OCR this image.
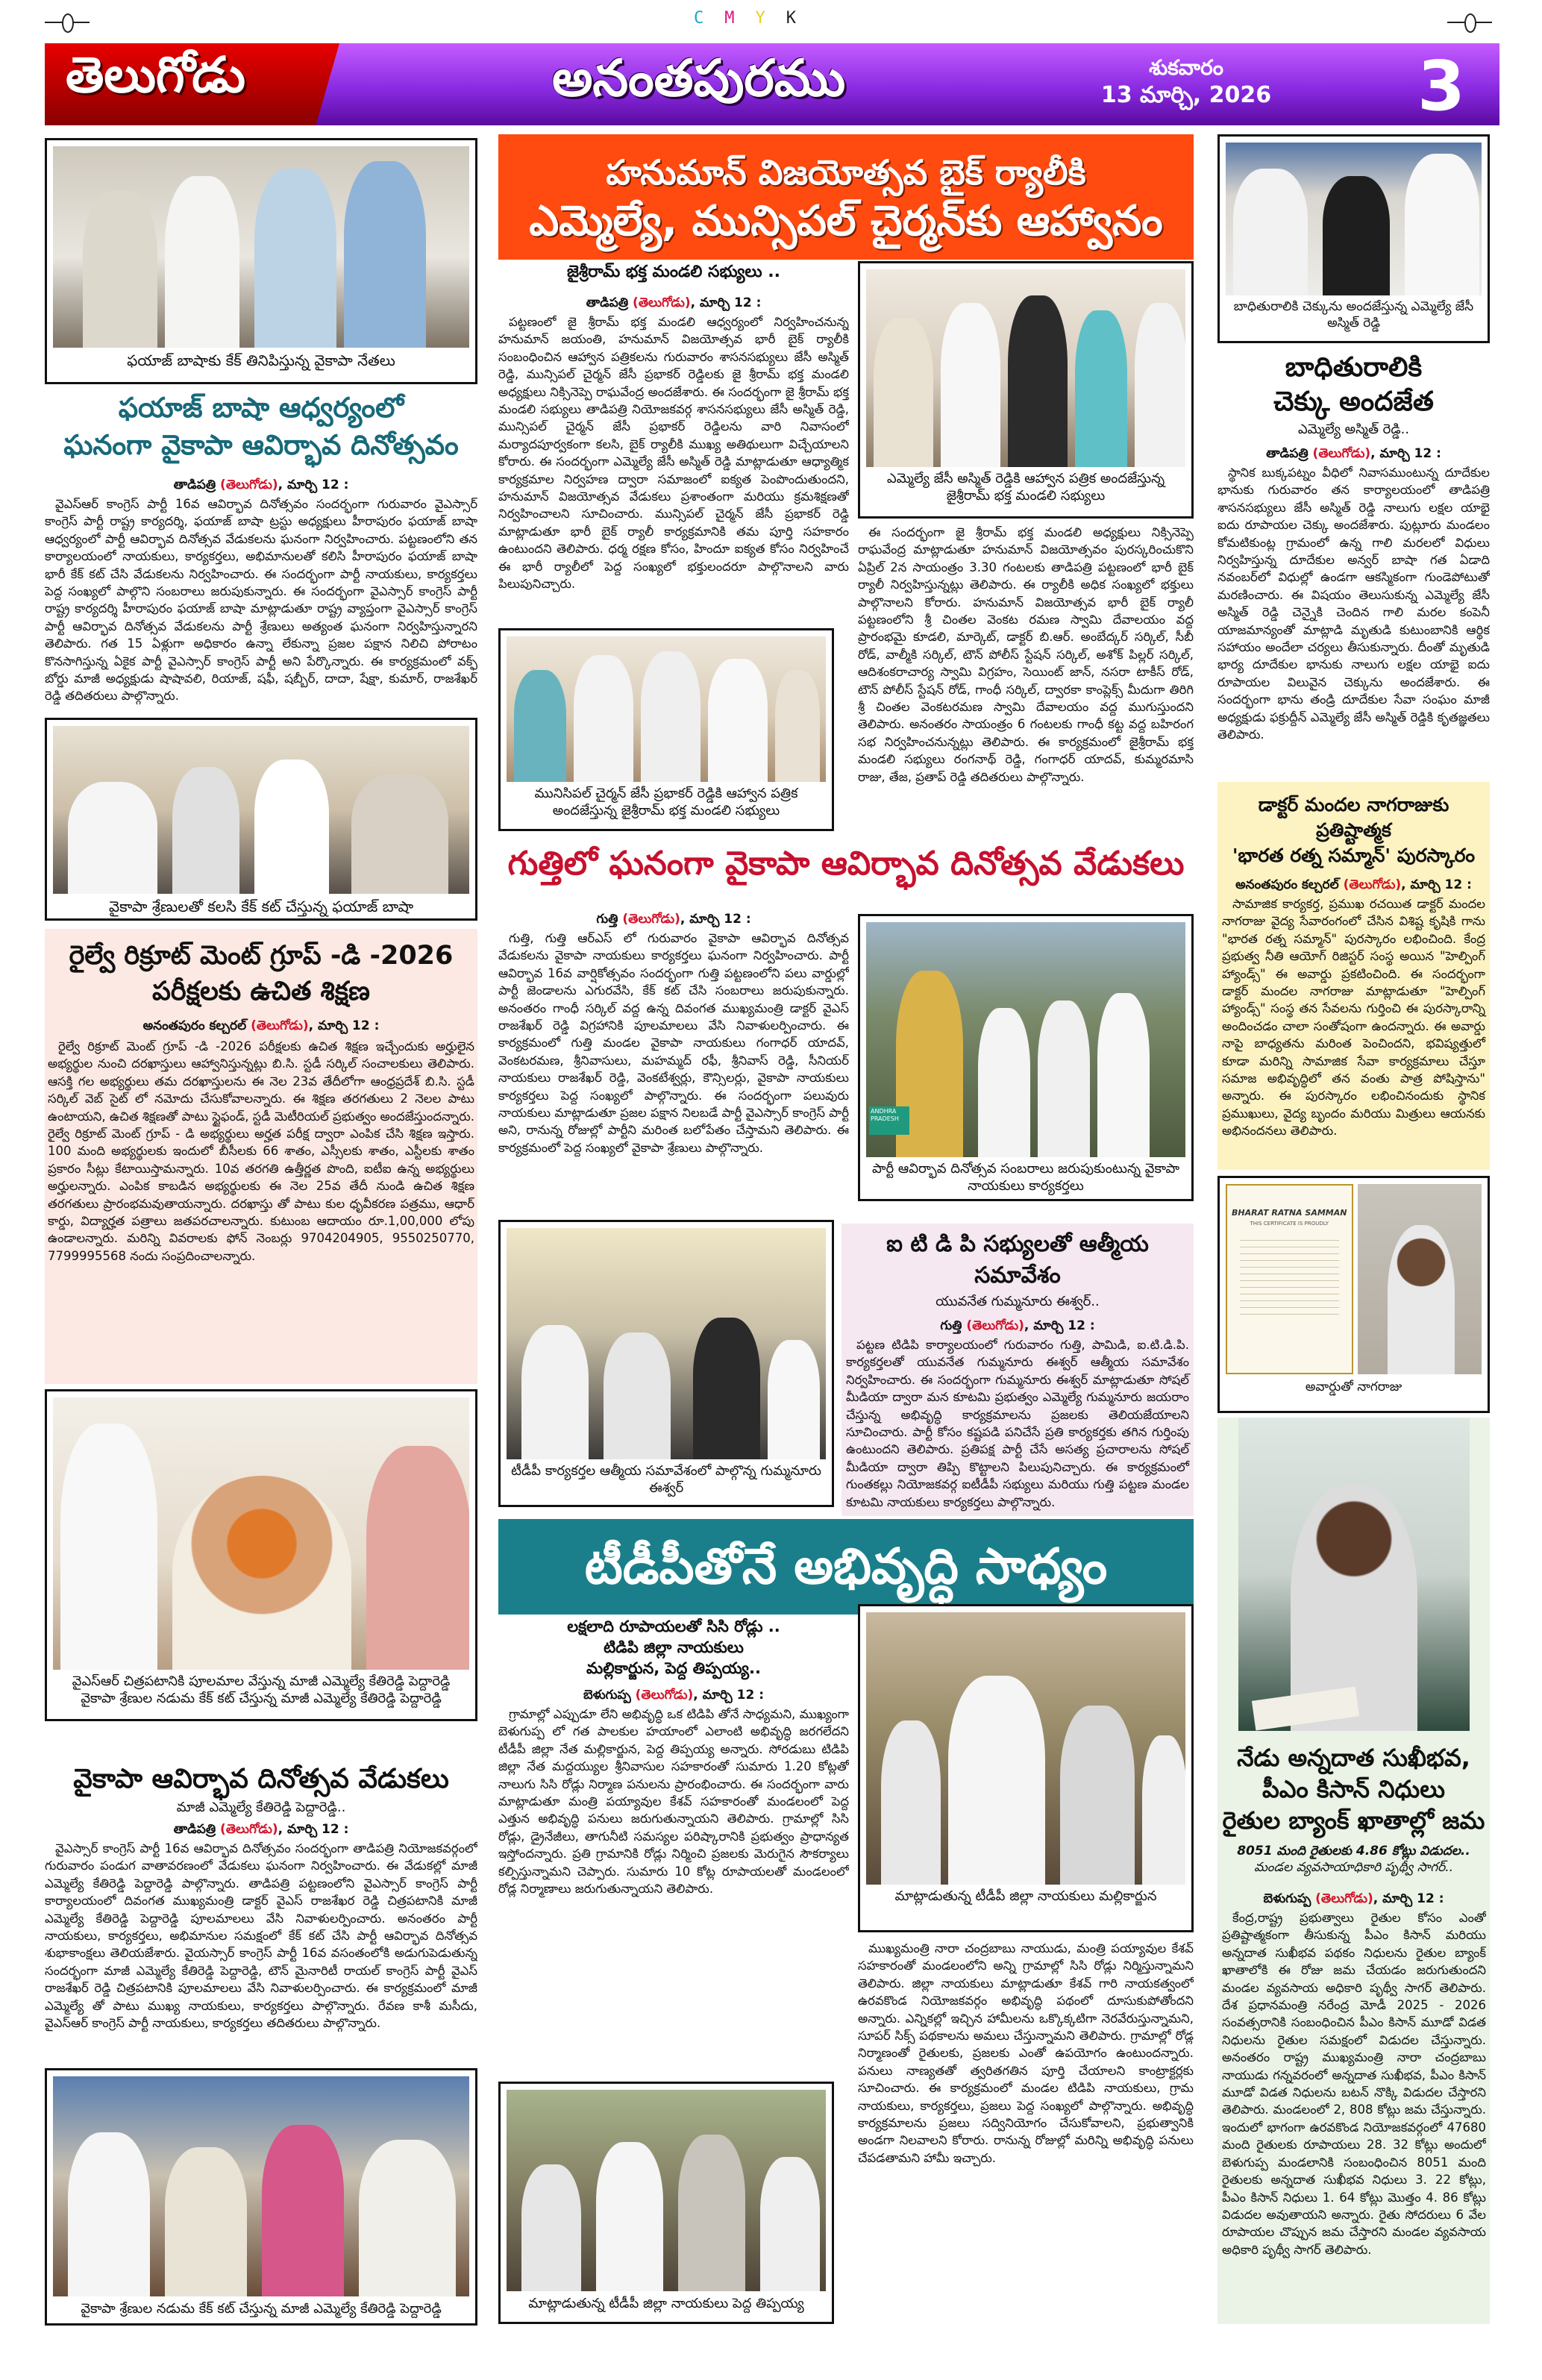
CMYK
తెలుగోడు	అనంతపురము	శుకవారం
13 మార్చి, 2026 3
ఫయాజ్ బాషాకు కేక్ తినిపిస్తున్న వైకాపా నేతలు
ఫయాజ్ బాషా ఆధ్వర్యంలో
ఘనంగా వైకాపా ఆవిర్భావ దినోత్సవం
తాడిపత్రి (తెలుగోడు), మార్చి 12 :
వైఎస్ఆర్ కాంగ్రెస్ పార్టీ 16వ ఆవిర్భావ దినోత్సవం సందర్భంగా గురువారం వైఎస్సార్ కాంగ్రెస్ పార్టీ రాష్ట్ర కార్యదర్శి, ఫయాజ్ బాషా ట్రస్టు అధ్యక్షులు హీరాపురం ఫయాజ్ బాషా ఆధ్వర్యంలో పార్టీ ఆవిర్భావ దినోత్సవ వేడుకలను ఘనంగా నిర్వహించారు. పట్టణంలోని తన కార్యాలయంలో నాయకులు, కార్యకర్తలు, అభిమానులతో కలిసి హీరాపురం ఫయాజ్ బాషా భారీ కేక్ కట్ చేసి వేడుకలను నిర్వహించారు. ఈ సందర్భంగా పార్టీ నాయకులు, కార్యకర్తలు పెద్ద సంఖ్యలో పాల్గొని సంబరాలు జరుపుకున్నారు. ఈ సందర్భంగా వైఎస్సార్ కాంగ్రెస్ పార్టీ రాష్ట్ర కార్యదర్శి హీరాపురం ఫయాజ్ బాషా మాట్లాడుతూ రాష్ట్ర వ్యాప్తంగా వైఎస్సార్ కాంగ్రెస్ పార్టీ ఆవిర్భావ దినోత్సవ వేడుకలను పార్టీ శ్రేణులు అత్యంత ఘనంగా నిర్వహిస్తున్నారని తెలిపారు. గత 15 ఏళ్లుగా అధికారం ఉన్నా లేకున్నా ప్రజల పక్షాన నిలిచి పోరాటం కొనసాగిస్తున్న ఏకైక పార్టీ వైఎస్సార్ కాంగ్రెస్ పార్టీ అని పేర్కొన్నారు. ఈ కార్యక్రమంలో వక్ఫ్ బోర్డు మాజీ అధ్యక్షుడు షాషావలి, రియాజ్, షఫీ, షబ్బీర్, దాదా, షేక్షా, కుమార్, రాజశేఖర్ రెడ్డి తదితరులు పాల్గొన్నారు.
వైకాపా శ్రేణులతో కలసి కేక్ కట్ చేస్తున్న ఫయాజ్ బాషా
రైల్వే రిక్రూట్ మెంట్ గ్రూప్ -డి -2026
పరీక్షలకు ఉచిత శిక్షణ
అనంతపురం కల్చరల్ (తెలుగోడు), మార్చి 12 :
రైల్వే రిక్రూట్ మెంట్ గ్రూప్ -డి -2026 పరీక్షలకు ఉచిత శిక్షణ ఇచ్చేందుకు అర్హులైన అభ్యర్థుల నుంచి దరఖాస్తులు ఆహ్వానిస్తున్నట్లు బి.సి. స్టడీ సర్కిల్ సంచాలకులు తెలిపారు. ఆసక్తి గల అభ్యర్థులు తమ దరఖాస్తులను ఈ నెల 23వ తేదీలోగా ఆంధ్రప్రదేశ్ బి.సి. స్టడీ సర్కిల్ వెబ్ సైట్ లో నమోదు చేసుకోవాలన్నారు. ఈ శిక్షణ తరగతులు 2 నెలల పాటు ఉంటాయని, ఉచిత శిక్షణతో పాటు స్టైఫండ్, స్టడీ మెటీరియల్ ప్రభుత్వం అందజేస్తుందన్నారు. రైల్వే రిక్రూట్ మెంట్ గ్రూప్ - డి అభ్యర్థులు అర్హత పరీక్ష ద్వారా ఎంపిక చేసి శిక్షణ ఇస్తారు. 100 మంది అభ్యర్థులకు ఇందులో బీసీలకు 66 శాతం, ఎస్సీలకు శాతం, ఎస్టీలకు శాతం ప్రకారం సీట్లు కేటాయిస్తామన్నారు. 10వ తరగతి ఉత్తీర్ణత పొంది, ఐటీఐ ఉన్న అభ్యర్థులు అర్హులన్నారు. ఎంపిక కాబడిన అభ్యర్థులకు ఈ నెల 25వ తేదీ నుండి ఉచిత శిక్షణ తరగతులు ప్రారంభమవుతాయన్నారు. దరఖాస్తు తో పాటు కుల ధృవీకరణ పత్రము, ఆధార్ కార్డు, విద్యార్హత పత్రాలు జతపరచాలన్నారు. కుటుంబ ఆదాయం రూ.1,00,000 లోపు ఉండాలన్నారు. మరిన్ని వివరాలకు ఫోన్ నెంబర్లు 9704204905, 9550250770, 7799995568 నందు సంప్రదించాలన్నారు.
వైఎస్ఆర్ చిత్రపటానికి పూలమాల వేస్తున్న మాజీ ఎమ్మెల్యే కేతిరెడ్డి పెద్దారెడ్డి
వైకాపా శ్రేణుల నడుమ కేక్ కట్ చేస్తున్న మాజీ ఎమ్మెల్యే కేతిరెడ్డి పెద్దారెడ్డి
వైకాపా ఆవిర్భావ దినోత్సవ వేడుకలు
మాజీ ఎమ్మెల్యే కేతిరెడ్డి పెద్దారెడ్డి..
తాడిపత్రి (తెలుగోడు), మార్చి 12 :
వైఎస్సార్ కాంగ్రెస్ పార్టీ 16వ ఆవిర్భావ దినోత్సవం సందర్భంగా తాడిపత్రి నియోజకవర్గంలో గురువారం పండుగ వాతావరణంలో వేడుకలు ఘనంగా నిర్వహించారు. ఈ వేడుకల్లో మాజీ ఎమ్మెల్యే కేతిరెడ్డి పెద్దారెడ్డి పాల్గొన్నారు. తాడిపత్రి పట్టణంలోని వైఎస్సార్ కాంగ్రెస్ పార్టీ కార్యాలయంలో దివంగత ముఖ్యమంత్రి డాక్టర్ వైఎస్ రాజశేఖర రెడ్డి చిత్రపటానికి మాజీ ఎమ్మెల్యే కేతిరెడ్డి పెద్దారెడ్డి పూలమాలలు వేసి నివాళులర్పించారు. అనంతరం పార్టీ నాయకులు, కార్యకర్తలు, అభిమానుల సమక్షంలో కేక్ కట్ చేసి పార్టీ ఆవిర్భావ దినోత్సవ శుభాకాంక్షలు తెలియజేశారు. వైయస్సార్ కాంగ్రెస్ పార్టీ 16వ వసంతంలోకి అడుగుపెడుతున్న సందర్భంగా మాజీ ఎమ్మెల్యే కేతిరెడ్డి పెద్దారెడ్డి, టౌన్ మైనారిటీ రాయల్ కాంగ్రెస్ పార్టీ వైఎస్ రాజశేఖర్ రెడ్డి చిత్రపటానికి పూలమాలలు వేసి నివాళులర్పించారు. ఈ కార్యక్రమంలో మాజీ ఎమ్మెల్యే తో పాటు ముఖ్య నాయకులు, కార్యకర్తలు పాల్గొన్నారు. రేవణ కాశీ మసీదు, వైఎస్ఆర్ కాంగ్రెస్ పార్టీ నాయకులు, కార్యకర్తలు తదితరులు పాల్గొన్నారు.
వైకాపా శ్రేణుల నడుమ కేక్ కట్ చేస్తున్న మాజీ ఎమ్మెల్యే కేతిరెడ్డి పెద్దారెడ్డి
హనుమాన్ విజయోత్సవ బైక్ ర్యాలీకి
ఎమ్మెల్యే, మున్సిపల్ చైర్మన్‌కు ఆహ్వానం
జైశ్రీరామ్ భక్త మండలి సభ్యులు ..
తాడిపత్రి (తెలుగోడు), మార్చి 12 :
పట్టణంలో జై శ్రీరామ్ భక్త మండలి ఆధ్వర్యంలో నిర్వహించనున్న హనుమాన్ జయంతి, హనుమాన్ విజయోత్సవ భారీ బైక్ ర్యాలీకి సంబంధించిన ఆహ్వాన పత్రికలను గురువారం శాసనసభ్యులు జేసీ అస్మిత్ రెడ్డి, మున్సిపల్ చైర్మన్ జేసీ ప్రభాకర్ రెడ్డిలకు జై శ్రీరామ్ భక్త మండలి అధ్యక్షులు నిక్సినెప్పె రాఘవేంద్ర అందజేశారు. ఈ సందర్భంగా జై శ్రీరామ్ భక్త మండలి సభ్యులు తాడిపత్రి నియోజకవర్గ శాసనసభ్యులు జేసీ అస్మిత్ రెడ్డి, మున్సిపల్ చైర్మన్ జేసీ ప్రభాకర్ రెడ్డిలను వారి నివాసంలో మర్యాదపూర్వకంగా కలసి, బైక్ ర్యాలీకి ముఖ్య అతిథులుగా విచ్చేయాలని కోరారు. ఈ సందర్భంగా ఎమ్మెల్యే జేసీ అస్మిత్ రెడ్డి మాట్లాడుతూ ఆధ్యాత్మిక కార్యక్రమాల నిర్వహణ ద్వారా సమాజంలో ఐక్యత పెంపొందుతుందని, హనుమాన్ విజయోత్సవ వేడుకలు ప్రశాంతంగా మరియు క్రమశిక్షణతో నిర్వహించాలని సూచించారు. మున్సిపల్ చైర్మన్ జేసీ ప్రభాకర్ రెడ్డి మాట్లాడుతూ భారీ బైక్ ర్యాలీ కార్యక్రమానికి తమ పూర్తి సహకారం ఉంటుందని తెలిపారు. ధర్మ రక్షణ కోసం, హిందూ ఐక్యత కోసం నిర్వహించే ఈ భారీ ర్యాలీలో పెద్ద సంఖ్యలో భక్తులందరూ పాల్గొనాలని వారు పిలుపునిచ్చారు.
ఎమ్మెల్యే జేసీ అస్మిత్ రెడ్డికి ఆహ్వాన పత్రిక అందజేస్తున్న జైశ్రీరామ్ భక్త మండలి సభ్యులు
ఈ సందర్భంగా జై శ్రీరామ్ భక్త మండలి అధ్యక్షులు నిక్సినెప్పె రాఘవేంద్ర మాట్లాడుతూ హనుమాన్ విజయోత్సవం పురస్కరించుకొని ఏప్రిల్ 2న సాయంత్రం 3.30 గంటలకు తాడిపత్రి పట్టణంలో భారీ బైక్ ర్యాలీ నిర్వహిస్తున్నట్లు తెలిపారు. ఈ ర్యాలీకి అధిక సంఖ్యలో భక్తులు పాల్గొనాలని కోరారు. హనుమాన్ విజయోత్సవ భారీ బైక్ ర్యాలీ పట్టణంలోని శ్రీ చింతల వెంకట రమణ స్వామి దేవాలయం వద్ద ప్రారంభమై కూడలి, మార్కెట్, డాక్టర్ బి.ఆర్. అంబేద్కర్ సర్కిల్, సీబీ రోడ్, వాల్మీకి సర్కిల్, టౌన్ పోలీస్ స్టేషన్ సర్కిల్, అశోక్ పిల్లర్ సర్కిల్, ఆదిశంకరాచార్య స్వామి విగ్రహం, సెయింట్ జాన్, నసరా టాకీస్ రోడ్, టౌన్ పోలీస్ స్టేషన్ రోడ్, గాంధీ సర్కిల్, ద్వారకా కాంప్లెక్స్ మీదుగా తిరిగి శ్రీ చింతల వెంకటరమణ స్వామి దేవాలయం వద్ద ముగుస్తుందని తెలిపారు. అనంతరం సాయంత్రం 6 గంటలకు గాంధీ కట్ట వద్ద బహిరంగ సభ నిర్వహించనున్నట్లు తెలిపారు. ఈ కార్యక్రమంలో జైశ్రీరామ్ భక్త మండలి సభ్యులు రంగనాథ్ రెడ్డి, గంగాధర్ యాదవ్, కుమ్మరమాసి రాజు, తేజ, ప్రతాప్ రెడ్డి తదితరులు పాల్గొన్నారు.
మునిసిపల్ చైర్మన్ జేసీ ప్రభాకర్ రెడ్డికి ఆహ్వాన పత్రిక అందజేస్తున్న జైశ్రీరామ్ భక్త మండలి సభ్యులు
గుత్తిలో ఘనంగా వైకాపా ఆవిర్భావ దినోత్సవ వేడుకలు
గుత్తి (తెలుగోడు), మార్చి 12 :
గుత్తి, గుత్తి ఆర్ఎస్ లో గురువారం వైకాపా ఆవిర్భావ దినోత్సవ వేడుకలను వైకాపా నాయకులు కార్యకర్తలు ఘనంగా నిర్వహించారు. పార్టీ ఆవిర్భావ 16వ వార్షికోత్సవం సందర్భంగా గుత్తి పట్టణంలోని పలు వార్డుల్లో పార్టీ జెండాలను ఎగురవేసి, కేక్ కట్ చేసి సంబరాలు జరుపుకున్నారు. అనంతరం గాంధీ సర్కిల్ వద్ద ఉన్న దివంగత ముఖ్యమంత్రి డాక్టర్ వైఎస్ రాజశేఖర్ రెడ్డి విగ్రహానికి పూలమాలలు వేసి నివాళులర్పించారు. ఈ కార్యక్రమంలో గుత్తి మండల వైకాపా నాయకులు గంగాధర్ యాదవ్, వెంకటరమణ, శ్రీనివాసులు, మహమ్మద్ రఫీ, శ్రీనివాస్ రెడ్డి, సీనియర్ నాయకులు రాజశేఖర్ రెడ్డి, వెంకటేశ్వర్లు, కౌన్సిలర్లు, వైకాపా నాయకులు కార్యకర్తలు పెద్ద సంఖ్యలో పాల్గొన్నారు. ఈ సందర్భంగా పలువురు నాయకులు మాట్లాడుతూ ప్రజల పక్షాన నిలబడే పార్టీ వైఎస్సార్ కాంగ్రెస్ పార్టీ అని, రానున్న రోజుల్లో పార్టీని మరింత బలోపేతం చేస్తామని తెలిపారు. ఈ కార్యక్రమంలో పెద్ద సంఖ్యలో వైకాపా శ్రేణులు పాల్గొన్నారు.
ANDHRA PRADESH
పార్టీ ఆవిర్భావ దినోత్సవ సంబరాలు జరుపుకుంటున్న వైకాపా నాయకులు కార్యకర్తలు
టీడీపీ కార్యకర్తల ఆత్మీయ సమావేశంలో పాల్గొన్న గుమ్మనూరు ఈశ్వర్
ఐ టి డి పి సభ్యులతో ఆత్మీయ సమావేశం
యువనేత గుమ్మనూరు ఈశ్వర్..
గుత్తి (తెలుగోడు), మార్చి 12 :
పట్టణ టిడిపి కార్యాలయంలో గురువారం గుత్తి, పామిడి, ఐ.టి.డి.పి. కార్యకర్తలతో యువనేత గుమ్మనూరు ఈశ్వర్ ఆత్మీయ సమావేశం నిర్వహించారు. ఈ సందర్భంగా గుమ్మనూరు ఈశ్వర్ మాట్లాడుతూ సోషల్ మీడియా ద్వారా మన కూటమి ప్రభుత్వం ఎమ్మెల్యే గుమ్మనూరు జయరాం చేస్తున్న అభివృద్ధి కార్యక్రమాలను ప్రజలకు తెలియజేయాలని సూచించారు. పార్టీ కోసం కష్టపడి పనిచేసే ప్రతి కార్యకర్తకు తగిన గుర్తింపు ఉంటుందని తెలిపారు. ప్రతిపక్ష పార్టీ చేసే అసత్య ప్రచారాలను సోషల్ మీడియా ద్వారా తిప్పి కొట్టాలని పిలుపునిచ్చారు. ఈ కార్యక్రమంలో గుంతకల్లు నియోజకవర్గ ఐటీడీపీ సభ్యులు మరియు గుత్తి పట్టణ మండల కూటమి నాయకులు కార్యకర్తలు పాల్గొన్నారు.
టీడీపీతోనే అభివృద్ధి సాధ్యం
లక్షలాది రూపాయలతో సిసి రోడ్లు ..
టిడిపి జిల్లా నాయకులు
మల్లికార్జున, పెద్ద తిప్పయ్య..
బెళుగుప్ప (తెలుగోడు), మార్చి 12 :
గ్రామాల్లో ఎప్పుడూ లేని అభివృద్ధి ఒక టిడిపి తోనే సాధ్యమని, ముఖ్యంగా బెళుగుప్ప లో గత పాలకుల హయాంలో ఎలాంటి అభివృద్ధి జరగలేదని టీడీపీ జిల్లా నేత మల్లికార్జున, పెద్ద తిప్పయ్య అన్నారు. సోరడుబు టిడిపి జిల్లా నేత మద్దయ్యుల శ్రీనివాసుల సహకారంతో సుమారు 1.20 కోట్లతో నాలుగు సిసి రోడ్లు నిర్మాణ పనులను ప్రారంభించారు. ఈ సందర్భంగా వారు మాట్లాడుతూ మంత్రి పయ్యావుల కేశవ్ సహకారంతో మండలంలో పెద్ద ఎత్తున అభివృద్ధి పనులు జరుగుతున్నాయని తెలిపారు. గ్రామాల్లో సిసి రోడ్లు, డ్రైనేజీలు, తాగునీటి సమస్యల పరిష్కారానికి ప్రభుత్వం ప్రాధాన్యత ఇస్తోందన్నారు. ప్రతి గ్రామానికి రోడ్లు నిర్మించి ప్రజలకు మెరుగైన సౌకర్యాలు కల్పిస్తున్నామని చెప్పారు. సుమారు 10 కోట్ల రూపాయలతో మండలంలో రోడ్ల నిర్మాణాలు జరుగుతున్నాయని తెలిపారు.	మాట్లాడుతున్న టీడీపీ జిల్లా నాయకులు మల్లికార్జున
ముఖ్యమంత్రి నారా చంద్రబాబు నాయుడు, మంత్రి పయ్యావుల కేశవ్ సహకారంతో మండలంలోని అన్ని గ్రామాల్లో సిసి రోడ్లు నిర్మిస్తున్నామని తెలిపారు. జిల్లా నాయకులు మాట్లాడుతూ కేశవ్ గారి నాయకత్వంలో ఉరవకొండ నియోజకవర్గం అభివృద్ధి పథంలో దూసుకుపోతోందని అన్నారు. ఎన్నికల్లో ఇచ్చిన హామీలను ఒక్కొక్కటిగా నెరవేరుస్తున్నామని, సూపర్ సిక్స్ పథకాలను అమలు చేస్తున్నామని తెలిపారు. గ్రామాల్లో రోడ్ల నిర్మాణంతో రైతులకు, ప్రజలకు ఎంతో ఉపయోగం ఉంటుందన్నారు. పనులు నాణ్యతతో త్వరితగతిన పూర్తి చేయాలని కాంట్రాక్టర్లకు సూచించారు. ఈ కార్యక్రమంలో మండల టిడిపి నాయకులు, గ్రామ నాయకులు, కార్యకర్తలు, ప్రజలు పెద్ద సంఖ్యలో పాల్గొన్నారు. అభివృద్ధి కార్యక్రమాలను ప్రజలు సద్వినియోగం చేసుకోవాలని, ప్రభుత్వానికి అండగా నిలవాలని కోరారు. రానున్న రోజుల్లో మరిన్ని అభివృద్ధి పనులు చేపడతామని హామీ ఇచ్చారు.
మాట్లాడుతున్న టీడీపీ జిల్లా నాయకులు పెద్ద తిప్పయ్య
బాధితురాలికి చెక్కును అందజేస్తున్న ఎమ్మెల్యే జేసీ అస్మిత్ రెడ్డి
బాధితురాలికి
చెక్కు అందజేత
ఎమ్మెల్యే అస్మిత్ రెడ్డి..
తాడిపత్రి (తెలుగోడు), మార్చి 12 :
స్థానిక బుక్కపట్నం వీధిలో నివాసముంటున్న దూదేకుల భానుకు గురువారం తన కార్యాలయంలో తాడిపత్రి శాసనసభ్యులు జేసీ అస్మిత్ రెడ్డి నాలుగు లక్షల యాభై ఐదు రూపాయల చెక్కు అందజేశారు. పుట్లూరు మండలం కోమటికుంట్ల గ్రామంలో ఉన్న గాలి మరలలో విధులు నిర్వహిస్తున్న దూదేకుల అన్వర్ బాషా గత ఏడాది నవంబర్‌లో విధుల్లో ఉండగా ఆకస్మికంగా గుండెపోటుతో మరణించారు. ఈ విషయం తెలుసుకున్న ఎమ్మెల్యే జేసీ అస్మిత్ రెడ్డి చెన్నైకి చెందిన గాలి మరల కంపెనీ యాజమాన్యంతో మాట్లాడి మృతుడి కుటుంబానికి ఆర్థిక సహాయం అందేలా చర్యలు తీసుకున్నారు. దీంతో మృతుడి భార్య దూదేకుల భానుకు నాలుగు లక్షల యాభై ఐదు రూపాయల విలువైన చెక్కును అందజేశారు. ఈ సందర్భంగా భాను తండ్రి దూదేకుల సేవా సంఘం మాజీ అధ్యక్షుడు ఫక్రుద్దీన్ ఎమ్మెల్యే జేసీ అస్మిత్ రెడ్డికి కృతజ్ఞతలు తెలిపారు.
డాక్టర్ మందల నాగరాజుకు ప్రతిష్టాత్మక
'భారత రత్న సమ్మాన్' పురస్కారం
అనంతపురం కల్చరల్ (తెలుగోడు), మార్చి 12 :
సామాజిక కార్యకర్త, ప్రముఖ రచయిత డాక్టర్ మందల నాగరాజు వైద్య సేవారంగంలో చేసిన విశిష్ట కృషికి గాను "భారత రత్న సమ్మాన్" పురస్కారం లభించింది. కేంద్ర ప్రభుత్వ నీతి ఆయోగ్ రిజిస్టర్ సంస్థ అయిన "హెల్పింగ్ హ్యాండ్స్" ఈ అవార్డు ప్రకటించింది. ఈ సందర్భంగా డాక్టర్ మందల నాగరాజు మాట్లాడుతూ "హెల్పింగ్ హ్యాండ్స్" సంస్థ తన సేవలను గుర్తించి ఈ పురస్కారాన్ని అందించడం చాలా సంతోషంగా ఉందన్నారు. ఈ అవార్డు నాపై బాధ్యతను మరింత పెంచిందని, భవిష్యత్తులో కూడా మరిన్ని సామాజిక సేవా కార్యక్రమాలు చేస్తూ సమాజ అభివృద్ధిలో తన వంతు పాత్ర పోషిస్తాను" అన్నారు. ఈ పురస్కారం లభించినందుకు స్థానిక ప్రముఖులు, వైద్య బృందం మరియు మిత్రులు ఆయనకు అభినందనలు తెలిపారు.
BHARAT RATNA SAMMAN
THIS CERTIFICATE IS PROUDLY
అవార్డుతో నాగరాజు
నేడు అన్నదాత సుఖీభవ,
పీఎం కిసాన్ నిధులు
రైతుల బ్యాంక్ ఖాతాల్లో జమ
8051 మంది రైతులకు 4.86 కోట్లు విడుదల..
మండల వ్యవసాయాధికారి పృథ్వీ సాగర్..
బెళుగుప్ప (తెలుగోడు), మార్చి 12 :
కేంద్ర,రాష్ట్ర ప్రభుత్వాలు రైతుల కోసం ఎంతో ప్రతిష్టాత్మకంగా తీసుకున్న పీఎం కిసాన్ మరియు అన్నదాత సుఖీభవ పథకం నిధులను రైతుల బ్యాంక్ ఖాతాలోకి ఈ రోజు జమ చేయడం జరుగుతుందని మండల వ్యవసాయ అధికారి పృథ్వీ సాగర్ తెలిపారు. దేశ ప్రధానమంత్రి నరేంద్ర మోడీ 2025 - 2026 సంవత్సరానికి సంబంధించిన పీఎం కిసాన్ మూడో విడత నిధులను రైతుల సమక్షంలో విడుదల చేస్తున్నారు. అనంతరం రాష్ట్ర ముఖ్యమంత్రి నారా చంద్రబాబు నాయుడు గన్నవరంలో అన్నదాత సుఖీభవ, పీఎం కిసాన్ మూడో విడత నిధులను బటన్ నొక్కి విడుదల చేస్తారని తెలిపారు. మండలంలో 2, 808 కోట్లు జమ చేస్తున్నారు. ఇందులో భాగంగా ఉరవకొండ నియోజకవర్గంలో 47680 మంది రైతులకు రూపాయలు 28. 32 కోట్లు అందులో బెళుగుప్ప మండలానికి సంబంధించిన 8051 మంది రైతులకు అన్నదాత సుఖీభవ నిధులు 3. 22 కోట్లు, పీఎం కిసాన్ నిధులు 1. 64 కోట్లు మొత్తం 4. 86 కోట్లు విడుదల అవుతాయని అన్నారు. రైతు సోదరులు 6 వేల రూపాయల చొప్పున జమ చేస్తారని మండల వ్యవసాయ అధికారి పృథ్వీ సాగర్ తెలిపారు.
